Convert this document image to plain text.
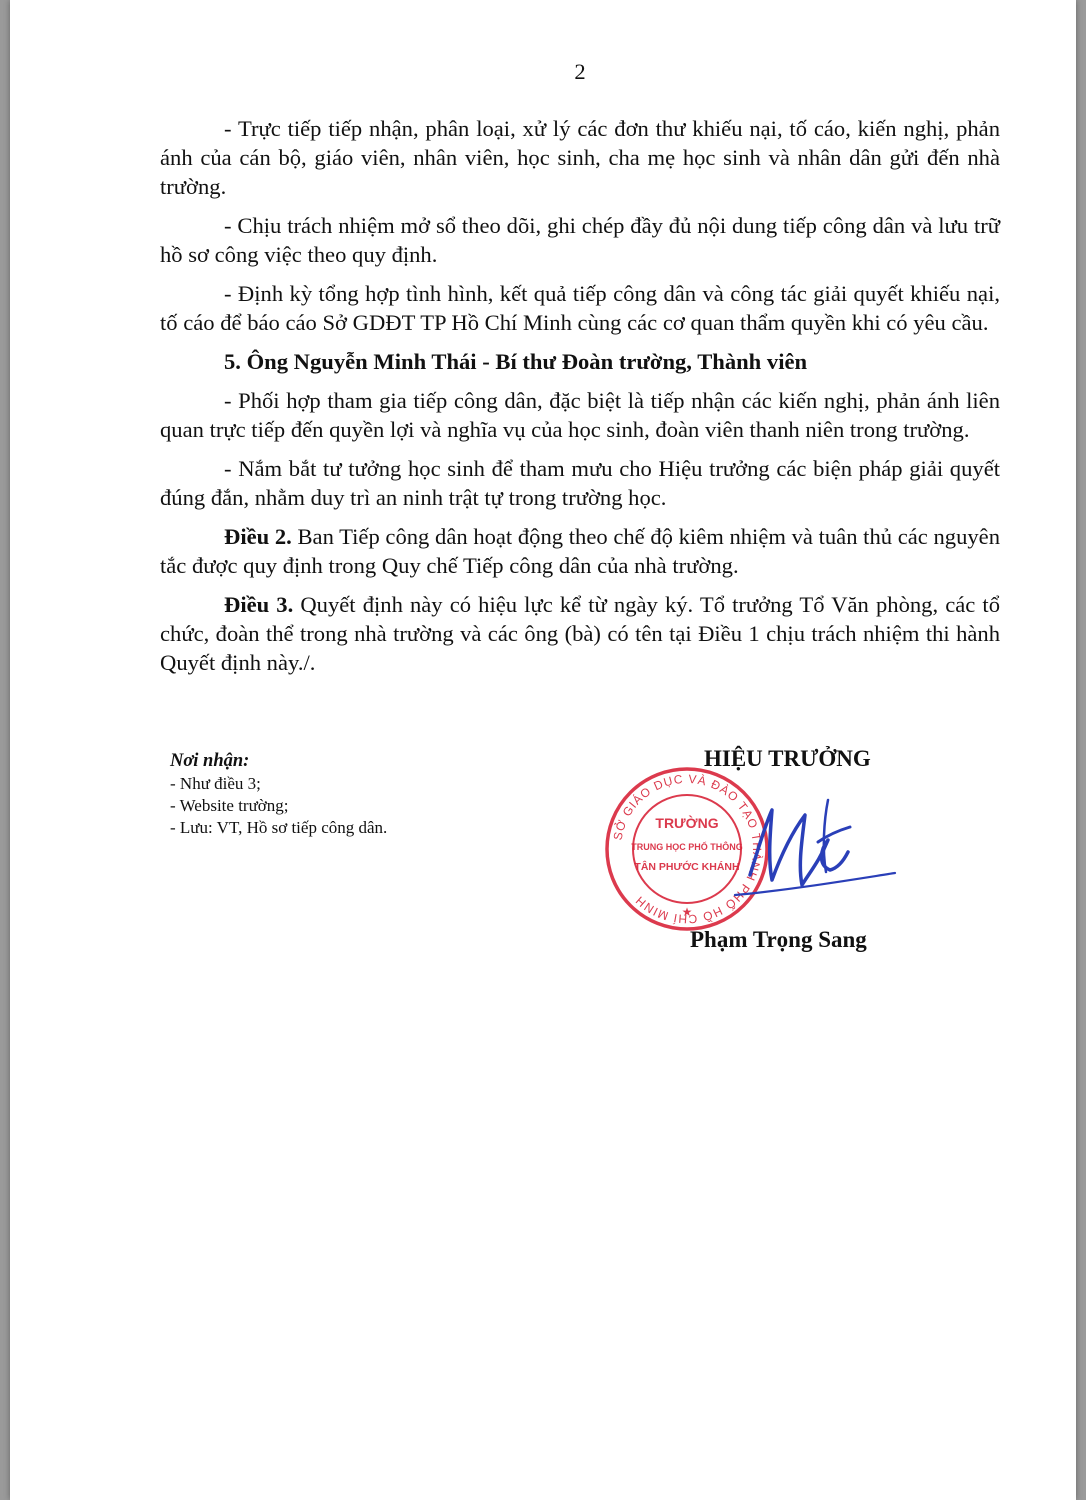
2

- Trực tiếp tiếp nhận, phân loại, xử lý các đơn thư khiếu nại, tố cáo, kiến nghị, phản ánh của cán bộ, giáo viên, nhân viên, học sinh, cha mẹ học sinh và nhân dân gửi đến nhà trường.

- Chịu trách nhiệm mở sổ theo dõi, ghi chép đầy đủ nội dung tiếp công dân và lưu trữ hồ sơ công việc theo quy định.

- Định kỳ tổng hợp tình hình, kết quả tiếp công dân và công tác giải quyết khiếu nại, tố cáo để báo cáo Sở GDĐT TP Hồ Chí Minh cùng các cơ quan thẩm quyền khi có yêu cầu.

5. Ông Nguyễn Minh Thái - Bí thư Đoàn trường, Thành viên

- Phối hợp tham gia tiếp công dân, đặc biệt là tiếp nhận các kiến nghị, phản ánh liên quan trực tiếp đến quyền lợi và nghĩa vụ của học sinh, đoàn viên thanh niên trong trường.

- Nắm bắt tư tưởng học sinh để tham mưu cho Hiệu trưởng các biện pháp giải quyết đúng đắn, nhằm duy trì an ninh trật tự trong trường học.

Điều 2. Ban Tiếp công dân hoạt động theo chế độ kiêm nhiệm và tuân thủ các nguyên tắc được quy định trong Quy chế Tiếp công dân của nhà trường.

Điều 3. Quyết định này có hiệu lực kể từ ngày ký. Tổ trưởng Tổ Văn phòng, các tổ chức, đoàn thể trong nhà trường và các ông (bà) có tên tại Điều 1 chịu trách nhiệm thi hành Quyết định này./.

Nơi nhận:
- Như điều 3;
- Website trường;
- Lưu: VT, Hồ sơ tiếp công dân.	SỞ GIÁO DỤC VÀ ĐÀO TẠO THÀNH PHỐ HỒ CHÍ MINH
TRƯỜNG
TRUNG HỌC PHỔ THÔNG
TÂN PHƯỚC KHÁNH
★
HIỆU TRƯỞNG
Phạm Trọng Sang
